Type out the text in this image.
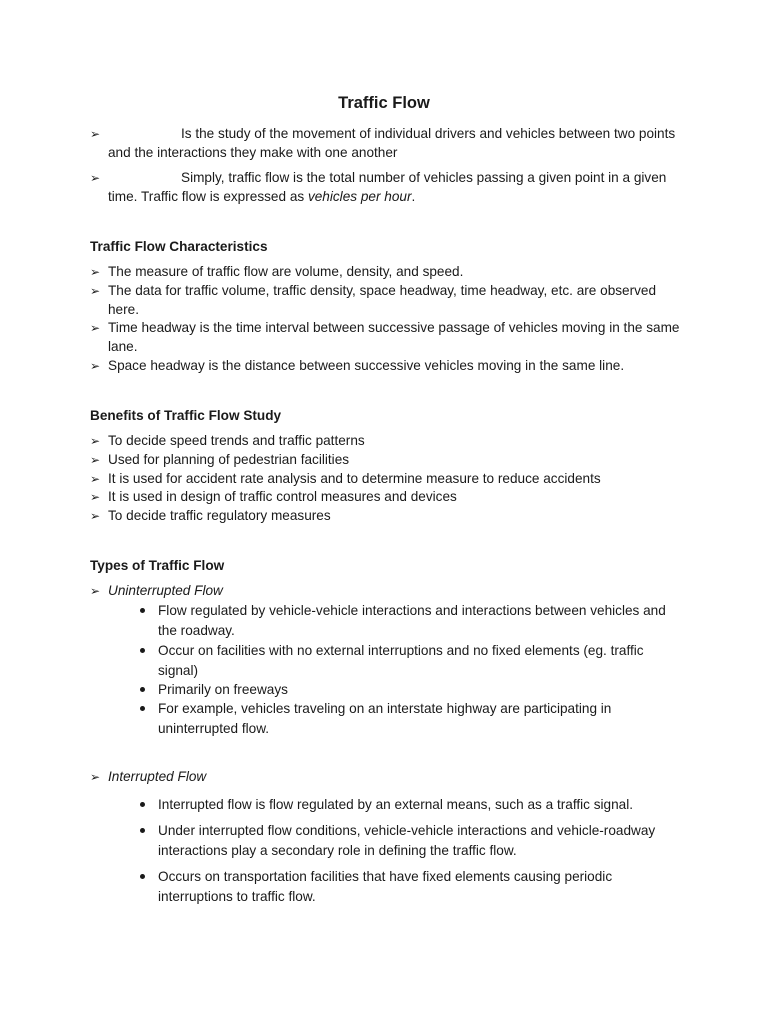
Traffic Flow
➢	Is the study of the movement of individual drivers and vehicles between two points and the interactions they make with one another
➢	Simply, traffic flow is the total number of vehicles passing a given point in a given time. Traffic flow is expressed as vehicles per hour.
Traffic Flow Characteristics
➢ The measure of traffic flow are volume, density, and speed.
➢ The data for traffic volume, traffic density, space headway, time headway, etc. are observed here.
➢ Time headway is the time interval between successive passage of vehicles moving in the same lane.
➢ Space headway is the distance between successive vehicles moving in the same line.
Benefits of Traffic Flow Study
➢ To decide speed trends and traffic patterns
➢ Used for planning of pedestrian facilities
➢ It is used for accident rate analysis and to determine measure to reduce accidents
➢ It is used in design of traffic control measures and devices
➢ To decide traffic regulatory measures
Types of Traffic Flow
➢ Uninterrupted Flow
Flow regulated by vehicle-vehicle interactions and interactions between vehicles and the roadway.
Occur on facilities with no external interruptions and no fixed elements (eg. traffic signal)
Primarily on freeways
For example, vehicles traveling on an interstate highway are participating in uninterrupted flow.
➢ Interrupted Flow
Interrupted flow is flow regulated by an external means, such as a traffic signal.
Under interrupted flow conditions, vehicle-vehicle interactions and vehicle-roadway interactions play a secondary role in defining the traffic flow.
Occurs on transportation facilities that have fixed elements causing periodic interruptions to traffic flow.
